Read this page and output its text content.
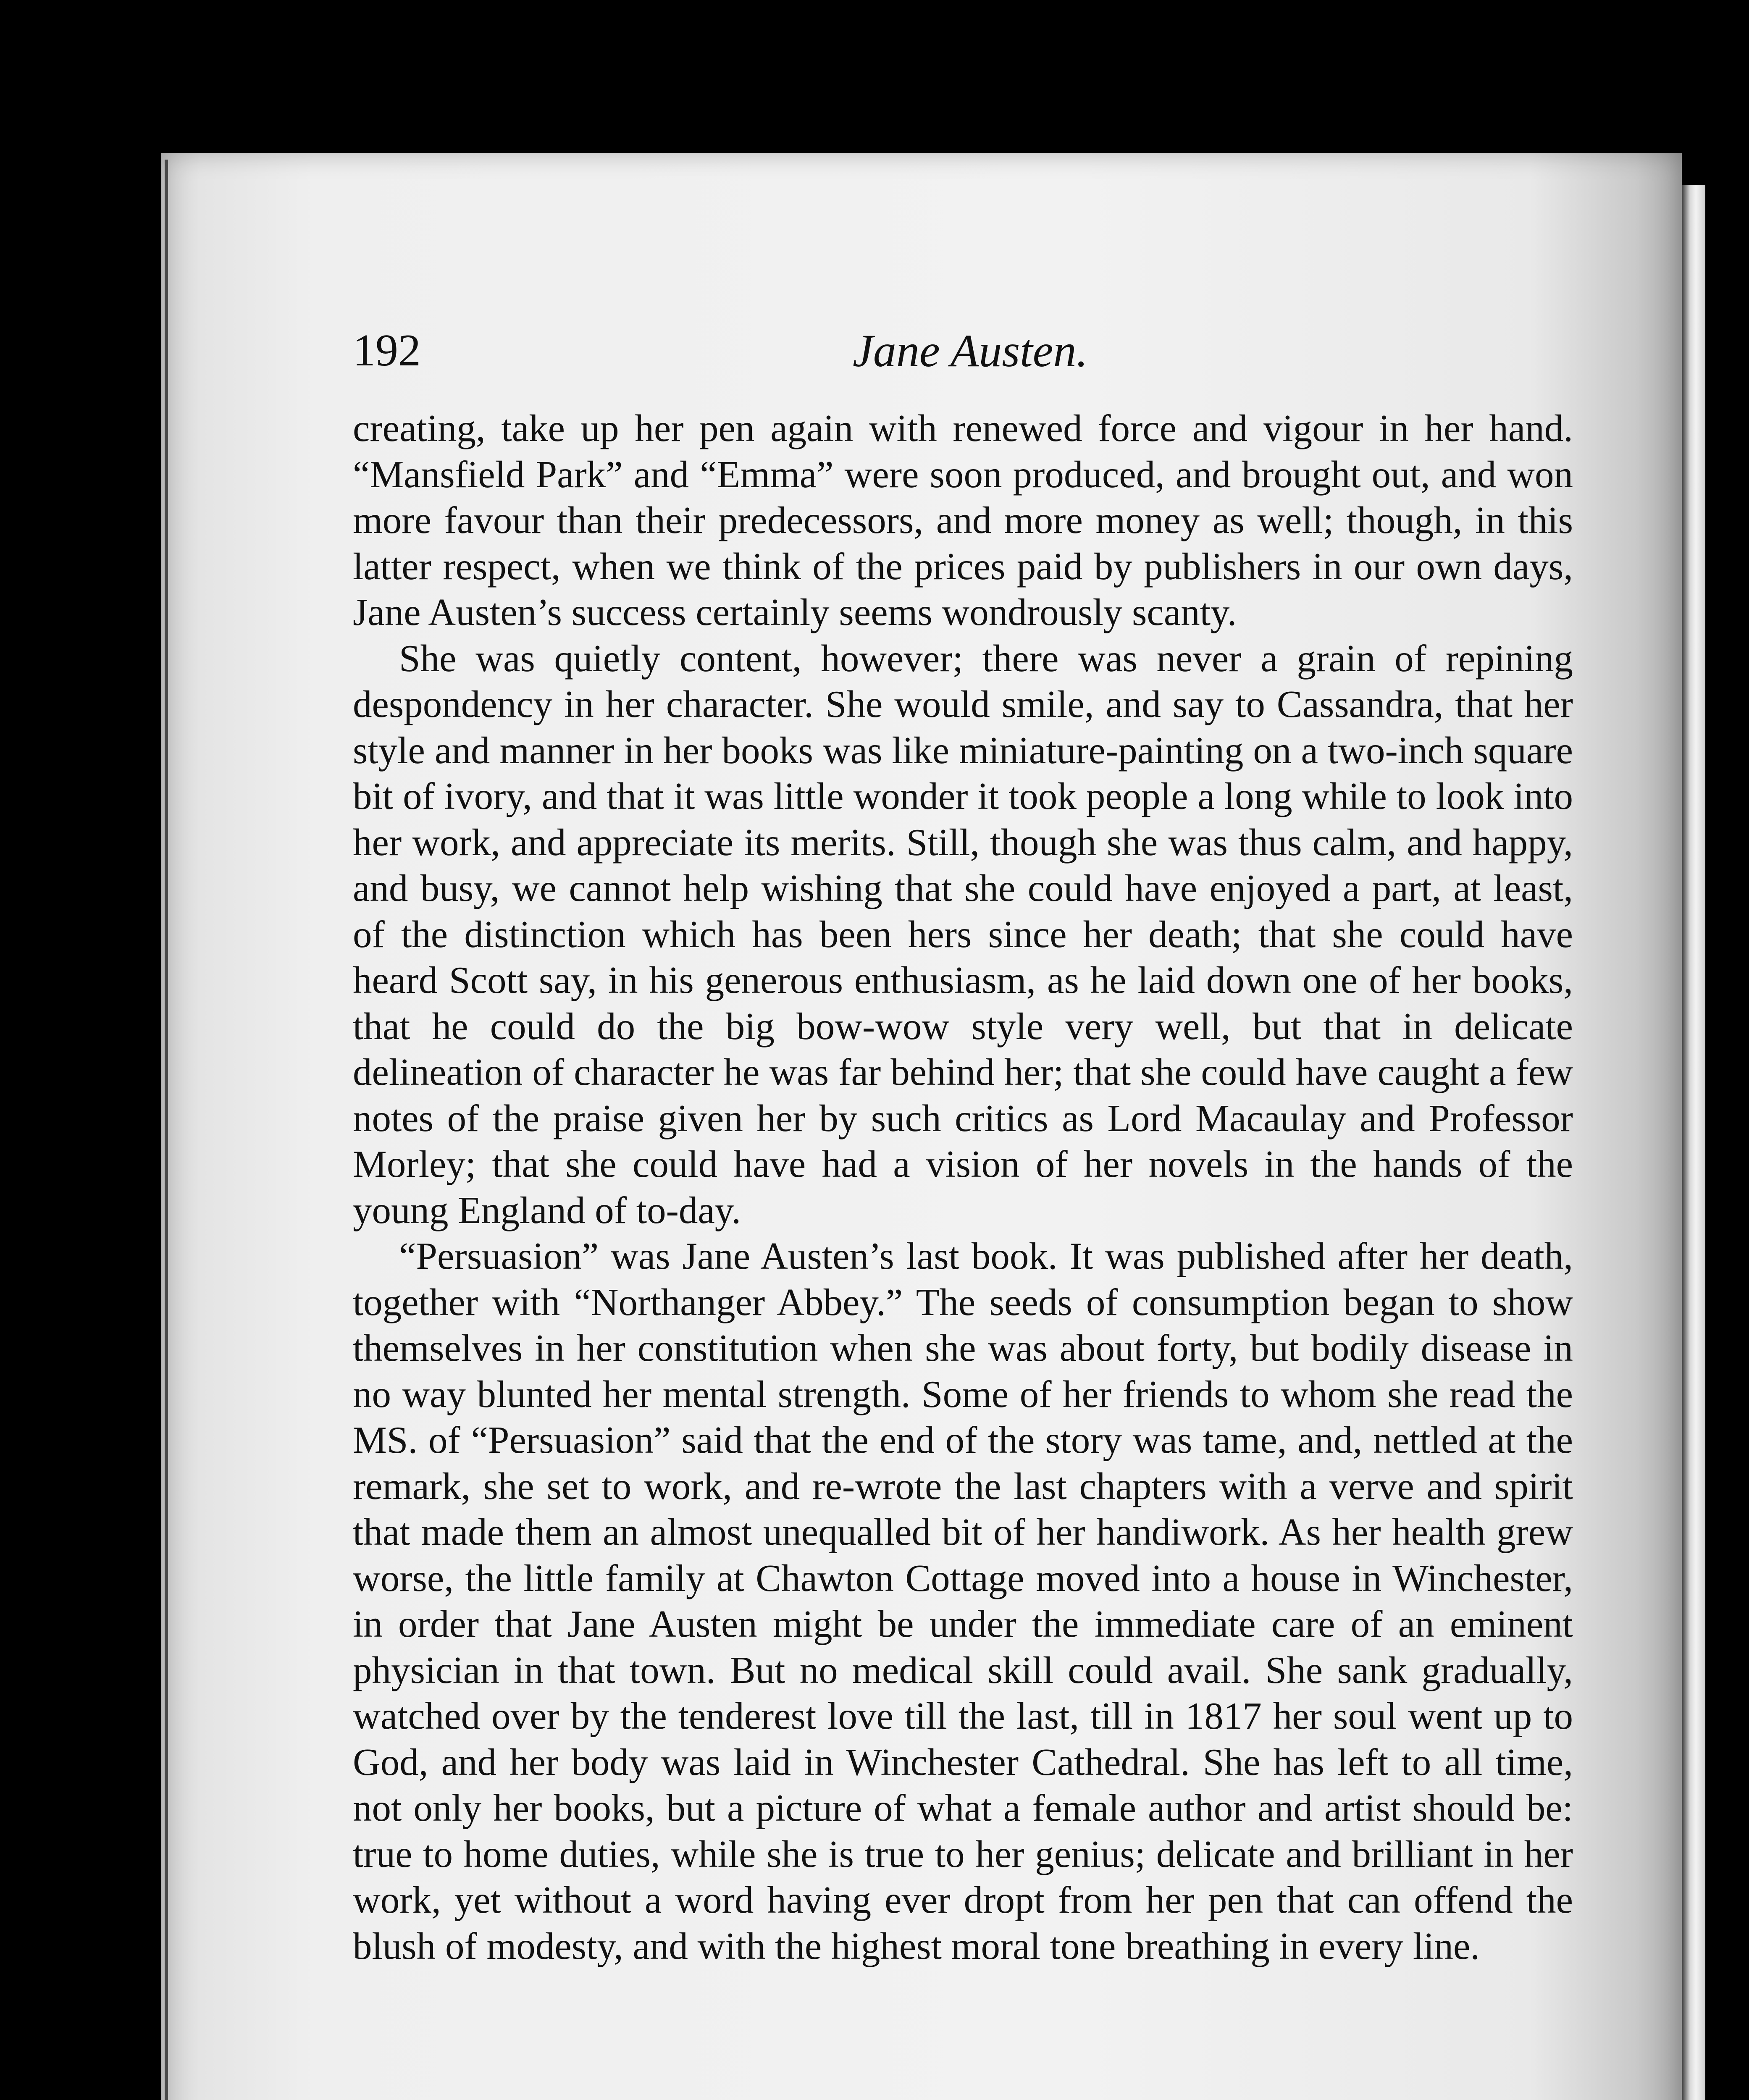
192	Jane Austen.

creating, take up her pen again with renewed force and vigour in her hand. “Mansfield Park” and “Emma” were soon produced, and brought out, and won more favour than their predecessors, and more money as well; though, in this latter respect, when we think of the prices paid by publishers in our own days, Jane Austen’s success certainly seems wondrously scanty.

She was quietly content, however; there was never a grain of repining despondency in her character. She would smile, and say to Cassandra, that her style and manner in her books was like miniature-painting on a two-inch square bit of ivory, and that it was little wonder it took people a long while to look into her work, and appreciate its merits. Still, though she was thus calm, and happy, and busy, we cannot help wishing that she could have enjoyed a part, at least, of the distinction which has been hers since her death; that she could have heard Scott say, in his generous enthusiasm, as he laid down one of her books, that he could do the big bow-wow style very well, but that in delicate delineation of character he was far behind her; that she could have caught a few notes of the praise given her by such critics as Lord Macaulay and Professor Morley; that she could have had a vision of her novels in the hands of the young England of to-day.

“Persuasion” was Jane Austen’s last book. It was published after her death, together with “Northanger Abbey.” The seeds of consumption began to show themselves in her constitution when she was about forty, but bodily disease in no way blunted her mental strength. Some of her friends to whom she read the MS. of “Persuasion” said that the end of the story was tame, and, nettled at the remark, she set to work, and re-wrote the last chapters with a verve and spirit that made them an almost unequalled bit of her handiwork. As her health grew worse, the little family at Chawton Cottage moved into a house in Winchester, in order that Jane Austen might be under the immediate care of an eminent physician in that town. But no medical skill could avail. She sank gradually, watched over by the tenderest love till the last, till in 1817 her soul went up to God, and her body was laid in Winchester Cathedral. She has left to all time, not only her books, but a picture of what a female author and artist should be: true to home duties, while she is true to her genius; delicate and brilliant in her work, yet without a word having ever dropt from her pen that can offend the blush of modesty, and with the highest moral tone breathing in every line.
